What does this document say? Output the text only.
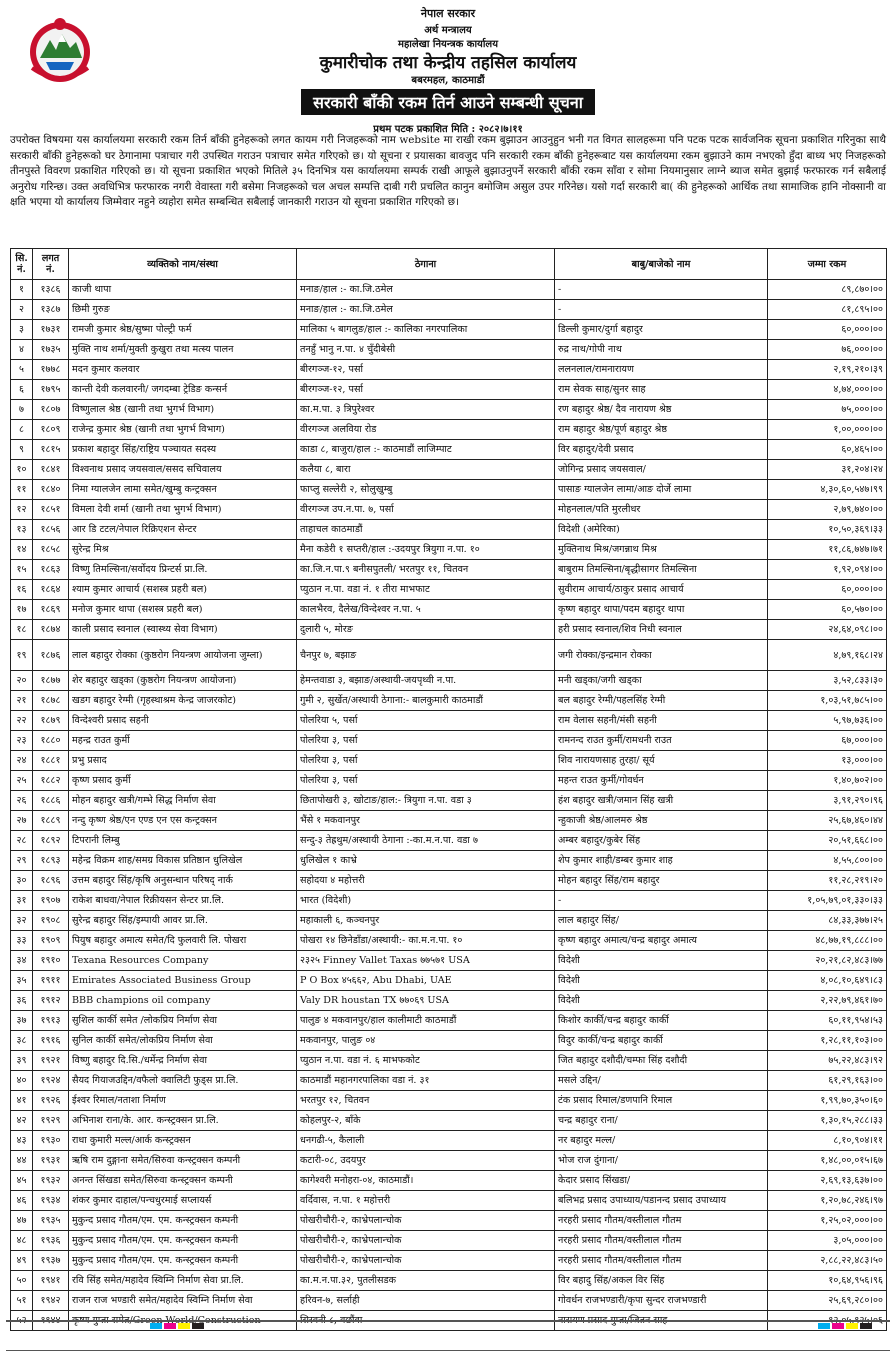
नेपाल सरकार
अर्थ मन्त्रालय
महालेखा नियन्त्रक कार्यालय
कुमारीचोक तथा केन्द्रीय तहसिल कार्यालय
बबरमहल, काठमाडौं
सरकारी बाँकी रकम तिर्न आउने सम्बन्धी सूचना
प्रथम पटक प्रकाशित मिति : २०८२।७।११
उपरोक्त विषयमा यस कार्यालयमा सरकारी रकम तिर्न बाँकी हुनेहरूको लगत कायम गरी निजहरूको नाम website मा राखी रकम बुझाउन आउनुहुन भनी गत विगत सालहरूमा पनि पटक पटक सार्वजनिक सूचना प्रकाशित गरिनुका साथै सरकारी बाँकी हुनेहरूको घर ठेगानामा पत्राचार गरी उपस्थित गराउन पत्राचार समेत गरिएको छ। यो सूचना र प्रयासका बावजुद पनि सरकारी रकम बाँकी हुनेहरूबाट यस कार्यालयमा रकम बुझाउने काम नभएको हुँदा बाध्य भए निजहरूको तीनपुस्ते विवरण प्रकाशित गरिएको छ। यो सूचना प्रकाशित भएको मितिले ३५ दिनभित्र यस कार्यालयमा सम्पर्क राखी आफूले बुझाउनुपर्ने सरकारी बाँकी रकम साँवा र सोमा नियमानुसार लाग्ने ब्याज समेत बुझाई फरफारक गर्न सबैलाई अनुरोध गरिन्छ। उक्त अवधिभित्र फरफारक नगरी वेवास्ता गरी बसेमा निजहरूको चल अचल सम्पत्ति दाबी गरी प्रचलित कानुन बमोजिम असुल उपर गरिनेछ। यसो गर्दा सरकारी बा( की हुनेहरूको आर्थिक तथा सामाजिक हानि नोक्सानी वा क्षति भएमा यो कार्यालय जिम्मेवार नहुने व्यहोरा समेत सम्बन्धित सबैलाई जानकारी गराउन यो सूचना प्रकाशित गरिएको छ।
सि. नं.	लगत नं.	व्यक्तिको नाम/संस्था	ठेगाना	बाबु/बाजेको नाम	जम्मा रकम
१	१३८६	काजी थापा	मनाङ/हाल :- का.जि.ठमेल	-	८९,८७०।००
२	१३८७	छिमी गुरुङ	मनाङ/हाल :- का.जि.ठमेल	-	८१,८९५।००
३	१७३१	रामजी कुमार श्रेष्ठ/सुष्मा पोल्ट्री फर्म	मालिका ५ बागलुङ/हाल :- कालिका नगरपालिका	डिल्ली कुमार/दुर्गा बहादुर	६०,०००।००
४	१७३५	मुक्ति नाथ शर्मा/मुक्ती कुखुरा तथा मत्स्य पालन	तनहुँ भानु न.पा. ४ चुँदीबेसी	रुद्र नाथ/गोपी नाथ	७६,०००।००
५	१७७८	मदन कुमार कलवार	बीरगञ्ज-१२, पर्सा	ललनलाल/रामनारायण	२,१९,२१०।३९
६	१७९५	कान्ती देवी कलवारनी/ जगदम्बा ट्रेडिङ कन्सर्न	बीरगञ्ज-१२, पर्सा	राम सेवक साह/सुनर साह	४,७४,०००।००
७	१८०७	विष्णुलाल श्रेष्ठ (खानी तथा भुगर्भ विभाग)	का.म.पा. ३ त्रिपुरेश्वर	रण बहादुर श्रेष्ठ/ दैव नारायण श्रेष्ठ	७५,०००।००
८	१८०९	राजेन्द्र कुमार श्रेष्ठ (खानी तथा भुगर्भ विभाग)	वीरगञ्ज अलविया रोड	राम बहादुर श्रेष्ठ/पूर्ण बहादुर श्रेष्ठ	१,००,०००।००
९	१८१५	प्रकाश बहादुर सिंह/राष्ट्रिय पञ्चायत सदस्य	काडा ८, बाजुरा/हाल :- काठमाडौं लाजिम्पाट	विर बहादुर/देवी प्रसाद	६०,४६५।००
१०	१८४१	विश्वनाथ प्रसाद जयसवाल/ससद सचिवालय	कलैया ८, बारा	जोगिन्द्र प्रसाद जयसवाल/	३१,२०४।२४
११	१८४०	निमा ग्यालजेन लामा समेत/खुम्बु कन्ट्रक्सन	फाप्लु सल्लेरी २, सोलुखुम्बु	पासाङ ग्यालजेन लामा/आङ दोर्जे लामा	४,३०,६०,५४७।९९
१२	१८५१	विमला देवी शर्मा (खानी तथा भुगर्भ विभाग)	वीरगञ्ज उप.न.पा. ७, पर्सा	मोहनलाल/पति मुरलीधर	२,७९,७४०।००
१३	१८५६	आर डि टटल/नेपाल रिक्रिएशन सेन्टर	ताहाचल काठमाडौं	विदेशी (अमेरिका)	१०,५०,३६९।३३
१४	१८५८	सुरेन्द्र मिश्र	मैना कडेरी १ सप्तरी/हाल :-उदयपुर त्रियुगा न.पा. १०	मुक्तिनाथ मिश्र/जगन्नाथ मिश्र	११,८६,७४७।७१
१५	१८६३	विष्णु तिमल्सिना/सर्वोदय प्रिन्टर्स प्रा.लि.	का.जि.न.पा.९ बनीसपुतली/ भरतपुर ११, चितवन	बाबुराम तिमल्सिना/बृद्धीसागर तिमल्सिना	१,९२,०९४।००
१६	१८६४	श्याम कुमार आचार्य (सशस्त्र प्रहरी बल)	प्युठान न.पा. वडा नं. १ तीरा माभफाट	सुवीराम आचार्य/ठाकुर प्रसाद आचार्य	६०,०००।००
१७	१८६९	मनोज कुमार थापा (सशस्त्र प्रहरी बल)	कालभैरव, दैलेख/विन्देश्वर न.पा. ५	कृष्ण बहादुर थापा/पदम बहादुर थापा	६०,५७०।००
१८	१८७४	काली प्रसाद स्वनाल (स्वास्थ्य सेवा विभाग)	दुलारी ५, मोरङ	हरी प्रसाद स्वनाल/शिव निधी स्वनाल	२४,६४,०९८।००
१९	१८७६	लाल बहादुर रोक्का (कुष्ठरोग नियन्त्रण आयोजना जुम्ला)	चैनपुर ७, बझाङ	जगी रोक्का/इन्द्रमान रोक्का	४,७९,१६८।२४
२०	१८७७	शेर बहादुर खड्का (कुष्ठरोग नियन्त्रण आयोजना)	हेमन्तवाडा ३, बझाङ/अस्थायी-जयपृथ्वी न.पा.	मनी खड्का/जगी खड्का	३,५२,८३३।३०
२१	१८७८	खडग बहादुर रेग्मी (गृहस्थाश्रम केन्द्र जाजरकोट)	गुमी २, सुर्खेत/अस्थायी ठेगाना:- बालकुमारी काठमाडौं	बल बहादुर रेग्मी/पहलसिंह रेग्मी	१,०३,५१,७८५।००
२२	१८७९	विन्देश्वरी प्रसाद सहनी	पोलरिया ५, पर्सा	राम वेलास सहनी/मंसी सहनी	५,९७,७३६।००
२३	१८८०	महन्द्र राउत कुर्मी	पोलरिया ३, पर्सा	रामनन्द राउत कुर्मी/रामधनी राउत	६७,०००।००
२४	१८८१	प्रभु प्रसाद	पोलरिया ३, पर्सा	शिव नारायणसाह तुरहा/ सूर्य	१३,०००।००
२५	१८८२	कृष्ण प्रसाद कुर्मी	पोलरिया ३, पर्सा	महन्त राउत कुर्मी/गोवर्धन	१,४०,७०२।००
२६	१८८६	मोहन बहादुर खत्री/गम्भे सिद्ध निर्माण सेवा	छितापोखरी ३, खोटाङ/हाल:- त्रियुगा न.पा. वडा ३	हंश बहादुर खत्री/जमान सिंह खत्री	३,९१,२९०।९६
२७	१८८९	नन्दु कृष्ण श्रेष्ठ/एन एण्ड एन एस कन्ट्रक्सन	भैंसे १ मकवानपुर	न्हुकाजी श्रेष्ठ/आलमरु श्रेष्ठ	२५,६७,४६०।४४
२८	१८९२	टिपरानी लिम्बु	सन्दु-३ तेह्रथुम/अस्थायी ठेगाना :-का.म.न.पा. वडा ७	अम्बर बहादुर/कुबेर सिंह	२०,५१,६६८।००
२९	१८९३	महेन्द्र विक्रम शाह/समग्र विकास प्रतिष्ठान धुलिखेल	धुलिखेल १ काभ्रे	शेप कुमार शाही/डम्बर कुमार शाह	४,५५,८००।००
३०	१८९६	उत्तम बहादुर सिंह/कृषि अनुसन्धान परिषद् नार्क	सहोदया ४ महोत्तरी	मोहन बहादुर सिंह/राम बहादुर	११,२८,२१९।२०
३१	१९०७	राकेश बाधवा/नेपाल रिक्रीयसन सेन्टर प्रा.लि.	भारत (विदेशी)	-	१,०५,७९,०१,३३०।३३
३२	१९०८	सुरेन्द्र बहादुर सिंह/इम्पायी आवर प्रा.लि.	महाकाली ६, कञ्चनपुर	लाल बहादुर सिंह/	८४,३३,३७७।२५
३३	१९०९	पियुष बहादुर अमात्य समेत/दि फुलवारी लि. पोखरा	पोखरा १४ छिनेडाँडा/अस्थायी:- का.म.न.पा. १०	कृष्ण बहादुर अमात्य/चन्द्र बहादुर अमात्य	४८,७७,१९,८८८।००
३४	१९१०	Texana Resources Company	२३२५ Finney Vallet Taxas ७७५७१ USA	विदेशी	२०,२१,८२,४८३।७७
३५	१९११	Emirates Associated Business Group	P O Box ४५६६२, Abu Dhabi, UAE	विदेशी	४,०८,१०,६४९।८३
३६	१९१२	BBB champions oil company	Valy DR houstan TX ७७०६९ USA	विदेशी	२,२२,७९,४६१।७०
३७	१९१३	सुशिल कार्की समेत /लोकप्रिय निर्माण सेवा	पालुङ ४ मकवानपुर/हाल कालीमाटी काठमाडौं	किशोर कार्की/चन्द्र बहादुर कार्की	६०,११,९५४।५३
३८	१९१६	सुनिल कार्की समेत/लोकप्रिय निर्माण सेवा	मकवानपुर, पालुङ ०४	विदुर कार्की/चन्द्र बहादुर कार्की	१,२८,११,१०३।००
३९	१९२१	विष्णु बहादुर दि.सि./धर्मेन्द्र निर्माण सेवा	प्युठान न.पा. वडा नं. ६ माभफकोट	जित बहादुर दशौदी/चम्फा सिंह दशौदी	७५,२२,४८३।९२
४०	१९२४	सैयद गियाजउद्दिन/वफैलो क्वालिटी फुड्स प्रा.लि.	काठमाडौं महानगरपालिका वडा नं. ३१	मसले उद्दिन/	६१,२९,१६३।००
४१	१९२६	ईश्वर रिमाल/नताशा निर्माण	भरतपुर १२, चितवन	टंक प्रसाद रिमाल/डणपानि रिमाल	१,९९,७०,३५०।६०
४२	१९२९	अभिनाश राना/के. आर. कन्स्ट्रक्सन प्रा.लि.	कोहलपुर-२, बाँके	चन्द्र बहादुर राना/	१,३०,१५,२८८।३३
४३	१९३०	राधा कुमारी मल्ल/आर्क कन्स्ट्रक्सन	धनगढी-५, कैलाली	नर बहादुर मल्ल/	८,१०,९०४।११
४४	१९३१	ऋषि राम दुङ्गाना समेत/सिरुवा कन्स्ट्रक्सन कम्पनी	कटारी-०८, उदयपुर	भोज राज दुंगाना/	१,४८,००,०१५।६७
४५	१९३२	अनन्त सिंखडा समेत/सिरुवा कन्स्ट्रक्सन कम्पनी	कागेश्वरी मनोहरा-०४, काठमाडौं।	केदार प्रसाद सिंखडा/	२,६९,१३,६३७।००
४६	१९३४	शंकर कुमार दाहाल/पन्चधुरमाई सप्लायर्स	वर्दिवास, न.पा. १ महोत्तरी	बलिभद्र प्रसाद उपाध्याय/पडानन्द प्रसाद उपाध्याय	१,२०,७८,२४६।९७
४७	१९३५	मुकुन्द प्रसाद गौतम/एम. एम. कन्स्ट्रक्सन कम्पनी	पोखरीचौरी-२, काभ्रेपलान्चोक	नरहरी प्रसाद गौतम/वस्तीलाल गौतम	१,२५,०२,०००।००
४८	१९३६	मुकुन्द प्रसाद गौतम/एम. एम. कन्स्ट्रक्सन कम्पनी	पोखरीचौरी-२, काभ्रेपलान्चोक	नरहरी प्रसाद गौतम/वस्तीलाल गौतम	३,०५,०००।००
४९	१९३७	मुकुन्द प्रसाद गौतम/एम. एम. कन्स्ट्रक्सन कम्पनी	पोखरीचौरी-२, काभ्रेपलान्चोक	नरहरी प्रसाद गौतम/वस्तीलाल गौतम	२,८८,२२,४८३।५०
५०	१९४१	रवि सिंह समेत/महादेव स्विम्नि निर्माण सेवा प्रा.लि.	का.म.न.पा.३२, पुतलीसडक	विर बहादु सिंह/अकल विर सिंह	१०,६४,९५६।९६
५१	१९४२	राजन राज भण्डारी समेत/महादेव स्विम्नि निर्माण सेवा	हरिवन-७, सर्लाही	गोवर्धन राजभण्डारी/कृपा सुन्दर राजभण्डारी	२५,६९,२८०।००
